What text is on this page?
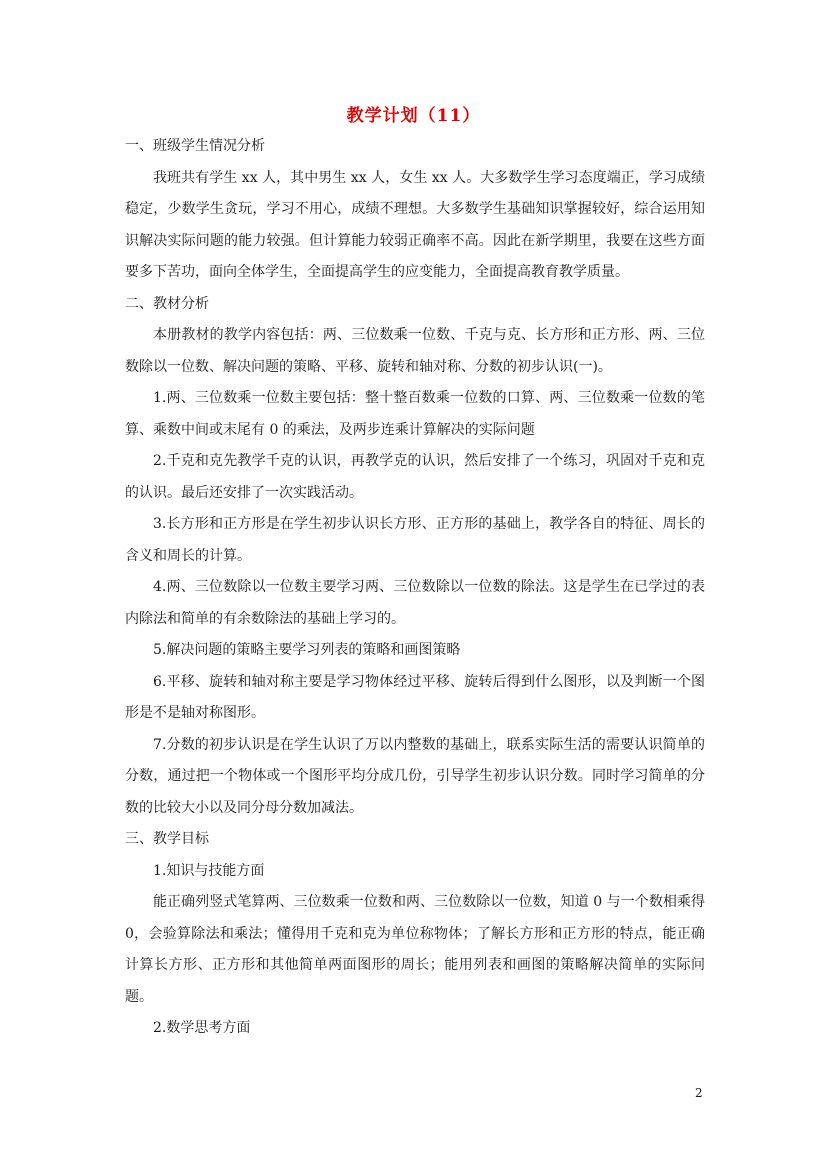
教学计划（11）

一、班级学生情况分析

我班共有学生 xx 人，其中男生 xx 人，女生 xx 人。大多数学生学习态度端正，学习成绩稳定，少数学生贪玩，学习不用心，成绩不理想。大多数学生基础知识掌握较好，综合运用知识解决实际问题的能力较强。但计算能力较弱正确率不高。因此在新学期里，我要在这些方面要多下苦功，面向全体学生，全面提高学生的应变能力，全面提高教育教学质量。

二、教材分析

本册教材的教学内容包括：两、三位数乘一位数、千克与克、长方形和正方形、两、三位数除以一位数、解决问题的策略、平移、旋转和轴对称、分数的初步认识(一)。

1.两、三位数乘一位数主要包括：整十整百数乘一位数的口算、两、三位数乘一位数的笔算、乘数中间或末尾有 0 的乘法，及两步连乘计算解决的实际问题

2.千克和克先教学千克的认识，再教学克的认识，然后安排了一个练习，巩固对千克和克的认识。最后还安排了一次实践活动。

3.长方形和正方形是在学生初步认识长方形、正方形的基础上，教学各自的特征、周长的含义和周长的计算。

4.两、三位数除以一位数主要学习两、三位数除以一位数的除法。这是学生在已学过的表内除法和简单的有余数除法的基础上学习的。

5.解决问题的策略主要学习列表的策略和画图策略

6.平移、旋转和轴对称主要是学习物体经过平移、旋转后得到什么图形，以及判断一个图形是不是轴对称图形。

7.分数的初步认识是在学生认识了万以内整数的基础上，联系实际生活的需要认识简单的分数，通过把一个物体或一个图形平均分成几份，引导学生初步认识分数。同时学习简单的分数的比较大小以及同分母分数加减法。

三、教学目标

1.知识与技能方面

能正确列竖式笔算两、三位数乘一位数和两、三位数除以一位数，知道 0 与一个数相乘得 0，会验算除法和乘法；懂得用千克和克为单位称物体；了解长方形和正方形的特点，能正确计算长方形、正方形和其他简单两面图形的周长；能用列表和画图的策略解决简单的实际问题。

2.数学思考方面

2
